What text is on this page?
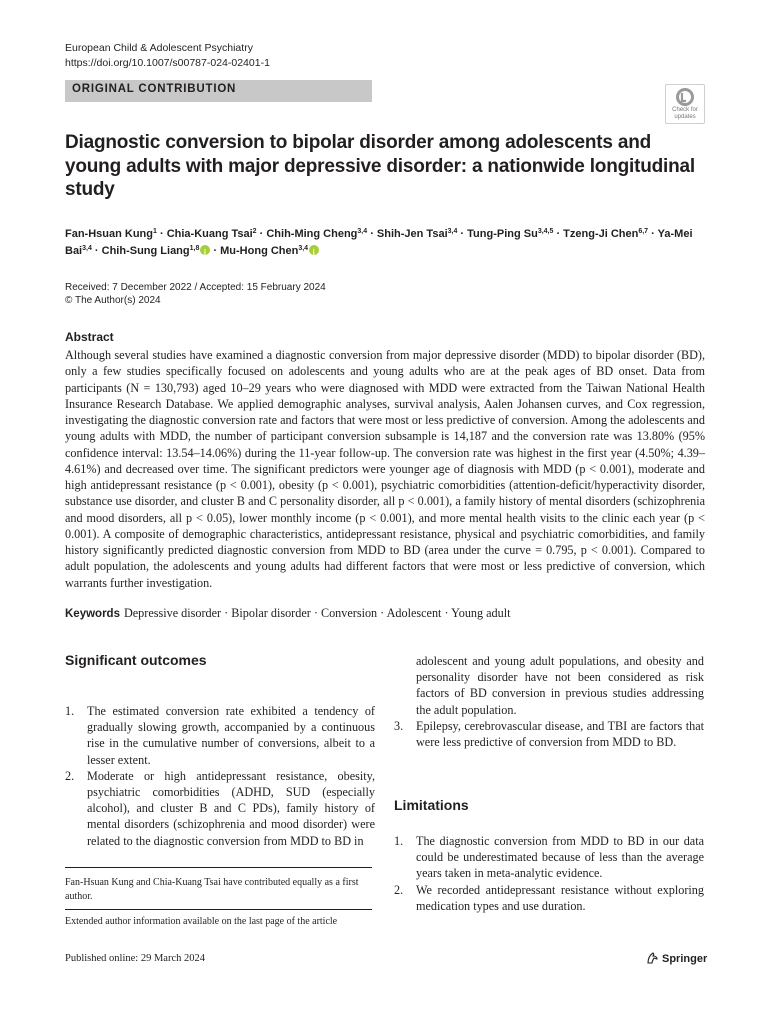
European Child & Adolescent Psychiatry
https://doi.org/10.1007/s00787-024-02401-1
ORIGINAL CONTRIBUTION
Check for
updates
Diagnostic conversion to bipolar disorder among adolescents and young adults with major depressive disorder: a nationwide longitudinal study
Fan-Hsuan Kung$^1$ · Chia-Kuang Tsai$^2$ · Chih-Ming Cheng$^{3,4}$ · Shih-Jen Tsai$^{3,4}$ · Tung-Ping Su$^{3,4,5}$ · Tzeng-Ji Chen$^{6,7}$ · Ya-Mei Bai$^{3,4}$ · Chih-Sung Liang$^{1,8}$i · Mu-Hong Chen$^{3,4}$i
Received: 7 December 2022 / Accepted: 15 February 2024
© The Author(s) 2024
Abstract
Although several studies have examined a diagnostic conversion from major depressive disorder (MDD) to bipolar disorder (BD), only a few studies specifically focused on adolescents and young adults who are at the peak ages of BD onset. Data from participants (N = 130,793) aged 10–29 years who were diagnosed with MDD were extracted from the Taiwan National Health Insurance Research Database. We applied demographic analyses, survival analysis, Aalen Johansen curves, and Cox regression, investigating the diagnostic conversion rate and factors that were most or less predictive of conversion. Among the adolescents and young adults with MDD, the number of participant conversion subsample is 14,187 and the conversion rate was 13.80% (95% confidence interval: 13.54–14.06%) during the 11-year follow-up. The conversion rate was highest in the first year (4.50%; 4.39–4.61%) and decreased over time. The significant predictors were younger age of diagnosis with MDD (p < 0.001), moderate and high antidepressant resistance (p < 0.001), obesity (p < 0.001), psychiatric comorbidities (attention-deficit/hyperactivity disorder, substance use disorder, and cluster B and C personality disorder, all p < 0.001), a family history of mental disorders (schizophrenia and mood disorders, all p < 0.05), lower monthly income (p < 0.001), and more mental health visits to the clinic each year (p < 0.001). A composite of demographic characteristics, antidepressant resistance, physical and psychiatric comorbidities, and family history significantly predicted diagnostic conversion from MDD to BD (area under the curve = 0.795, p < 0.001). Compared to adult population, the adolescents and young adults had different factors that were most or less predictive of conversion, which warrants further investigation.
Keywords Depressive disorder · Bipolar disorder · Conversion · Adolescent · Young adult
Significant outcomes
1. The estimated conversion rate exhibited a tendency of gradually slowing growth, accompanied by a continuous rise in the cumulative number of conversions, albeit to a lesser extent.
2. Moderate or high antidepressant resistance, obesity, psychiatric comorbidities (ADHD, SUD (especially alcohol), and cluster B and C PDs), family history of mental disorders (schizophrenia and mood disorder) were related to the diagnostic conversion from MDD to BD in

adolescent and young adult populations, and obesity and personality disorder have not been considered as risk factors of BD conversion in previous studies addressing the adult population.

3. Epilepsy, cerebrovascular disease, and TBI are factors that were less predictive of conversion from MDD to BD.
Limitations
1. The diagnostic conversion from MDD to BD in our data could be underestimated because of less than the average years taken in meta-analytic evidence.
2. We recorded antidepressant resistance without exploring medication types and use duration.
Fan-Hsuan Kung and Chia-Kuang Tsai have contributed equally as a first author.
Extended author information available on the last page of the article
Published online: 29 March 2024	Springer
